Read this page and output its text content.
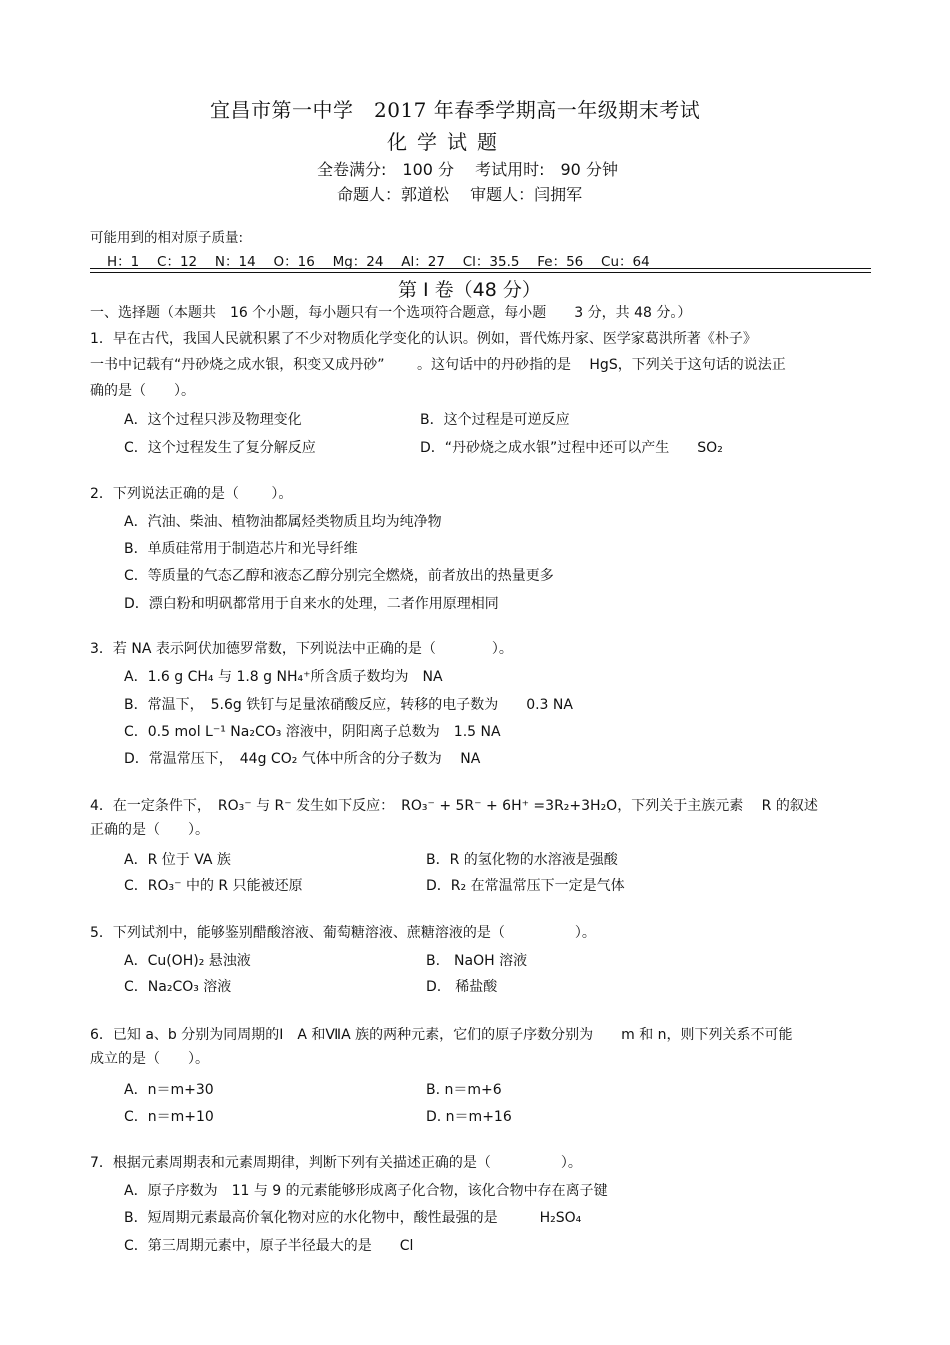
宜昌市第一中学　2017 年春季学期高一年级期末考试
化学试题
全卷满分:　100 分　 考试用时:　90 分钟
命题人：郭道松　 审题人：闫拥军
可能用到的相对原子质量:
H：1　 C：12　 N：14　 O：16　 Mg：24　 Al：27　 Cl：35.5　 Fe：56　 Cu：64
第 I 卷（48 分）
一、选择题（本题共　16 个小题，每小题只有一个选项符合题意，每小题　　3 分，共 48 分。）
1．早在古代，我国人民就积累了不少对物质化学变化的认识。例如，晋代炼丹家、医学家葛洪所著《朴子》
一书中记载有“丹砂烧之成水银，积变又成丹砂”　　 。这句话中的丹砂指的是　 HgS，下列关于这句话的说法正
确的是（　　）。
A．这个过程只涉及物理变化	B．这个过程是可逆反应
C．这个过程发生了复分解反应	D．“丹砂烧之成水银”过程中还可以产生　　SO₂
2．下列说法正确的是（　　 ）。
A．汽油、柴油、植物油都属烃类物质且均为纯净物
B．单质硅常用于制造芯片和光导纤维
C．等质量的气态乙醇和液态乙醇分别完全燃烧，前者放出的热量更多
D．漂白粉和明矾都常用于自来水的处理，二者作用原理相同
3．若 NA 表示阿伏加德罗常数，下列说法中正确的是（　　　　）。
A．1.6 g CH₄ 与 1.8 g NH₄⁺所含质子数均为　NA
B．常温下，　5.6g 铁钉与足量浓硝酸反应，转移的电子数为　　0.3 NA
C．0.5 mol L⁻¹ Na₂CO₃ 溶液中，阴阳离子总数为　1.5 NA
D．常温常压下，　44g CO₂ 气体中所含的分子数为　 NA
4．在一定条件下，　RO₃⁻ 与 R⁻ 发生如下反应：　RO₃⁻ + 5R⁻ + 6H⁺ =3R₂+3H₂O，下列关于主族元素　 R 的叙述
正确的是（　　）。
A．R 位于 VA 族	B．R 的氢化物的水溶液是强酸
C．RO₃⁻ 中的 R 只能被还原	D．R₂ 在常温常压下一定是气体
5．下列试剂中，能够鉴别醋酸溶液、葡萄糖溶液、蔗糖溶液的是（　　　　　）。
A．Cu(OH)₂ 悬浊液	B.　NaOH 溶液
C．Na₂CO₃ 溶液	D.　稀盐酸
6．已知 a、b 分别为同周期的Ⅰ　A 和ⅦA 族的两种元素，它们的原子序数分别为　　m 和 n，则下列关系不可能
成立的是（　　）。
A．n＝m+30	B. n＝m+6
C．n＝m+10	D. n＝m+16
7．根据元素周期表和元素周期律，判断下列有关描述正确的是（　　　　　）。
A．原子序数为　11 与 9 的元素能够形成离子化合物，该化合物中存在离子键
B．短周期元素最高价氧化物对应的水化物中，酸性最强的是　　　H₂SO₄
C．第三周期元素中，原子半径最大的是　　Cl
